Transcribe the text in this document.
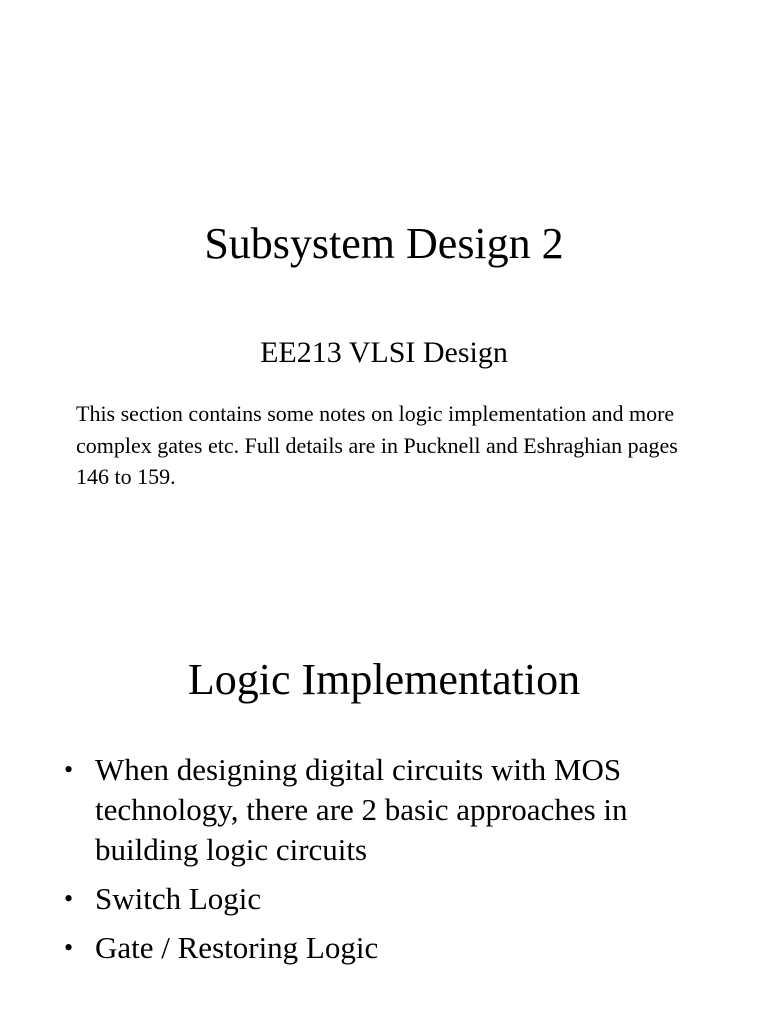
Subsystem Design 2
EE213 VLSI Design

This section contains some notes on logic implementation and more complex gates etc. Full details are in Pucknell and Eshraghian pages 146 to 159.

Logic Implementation
• When designing digital circuits with MOS technology, there are 2 basic approaches in building logic circuits
• Switch Logic
• Gate / Restoring Logic
